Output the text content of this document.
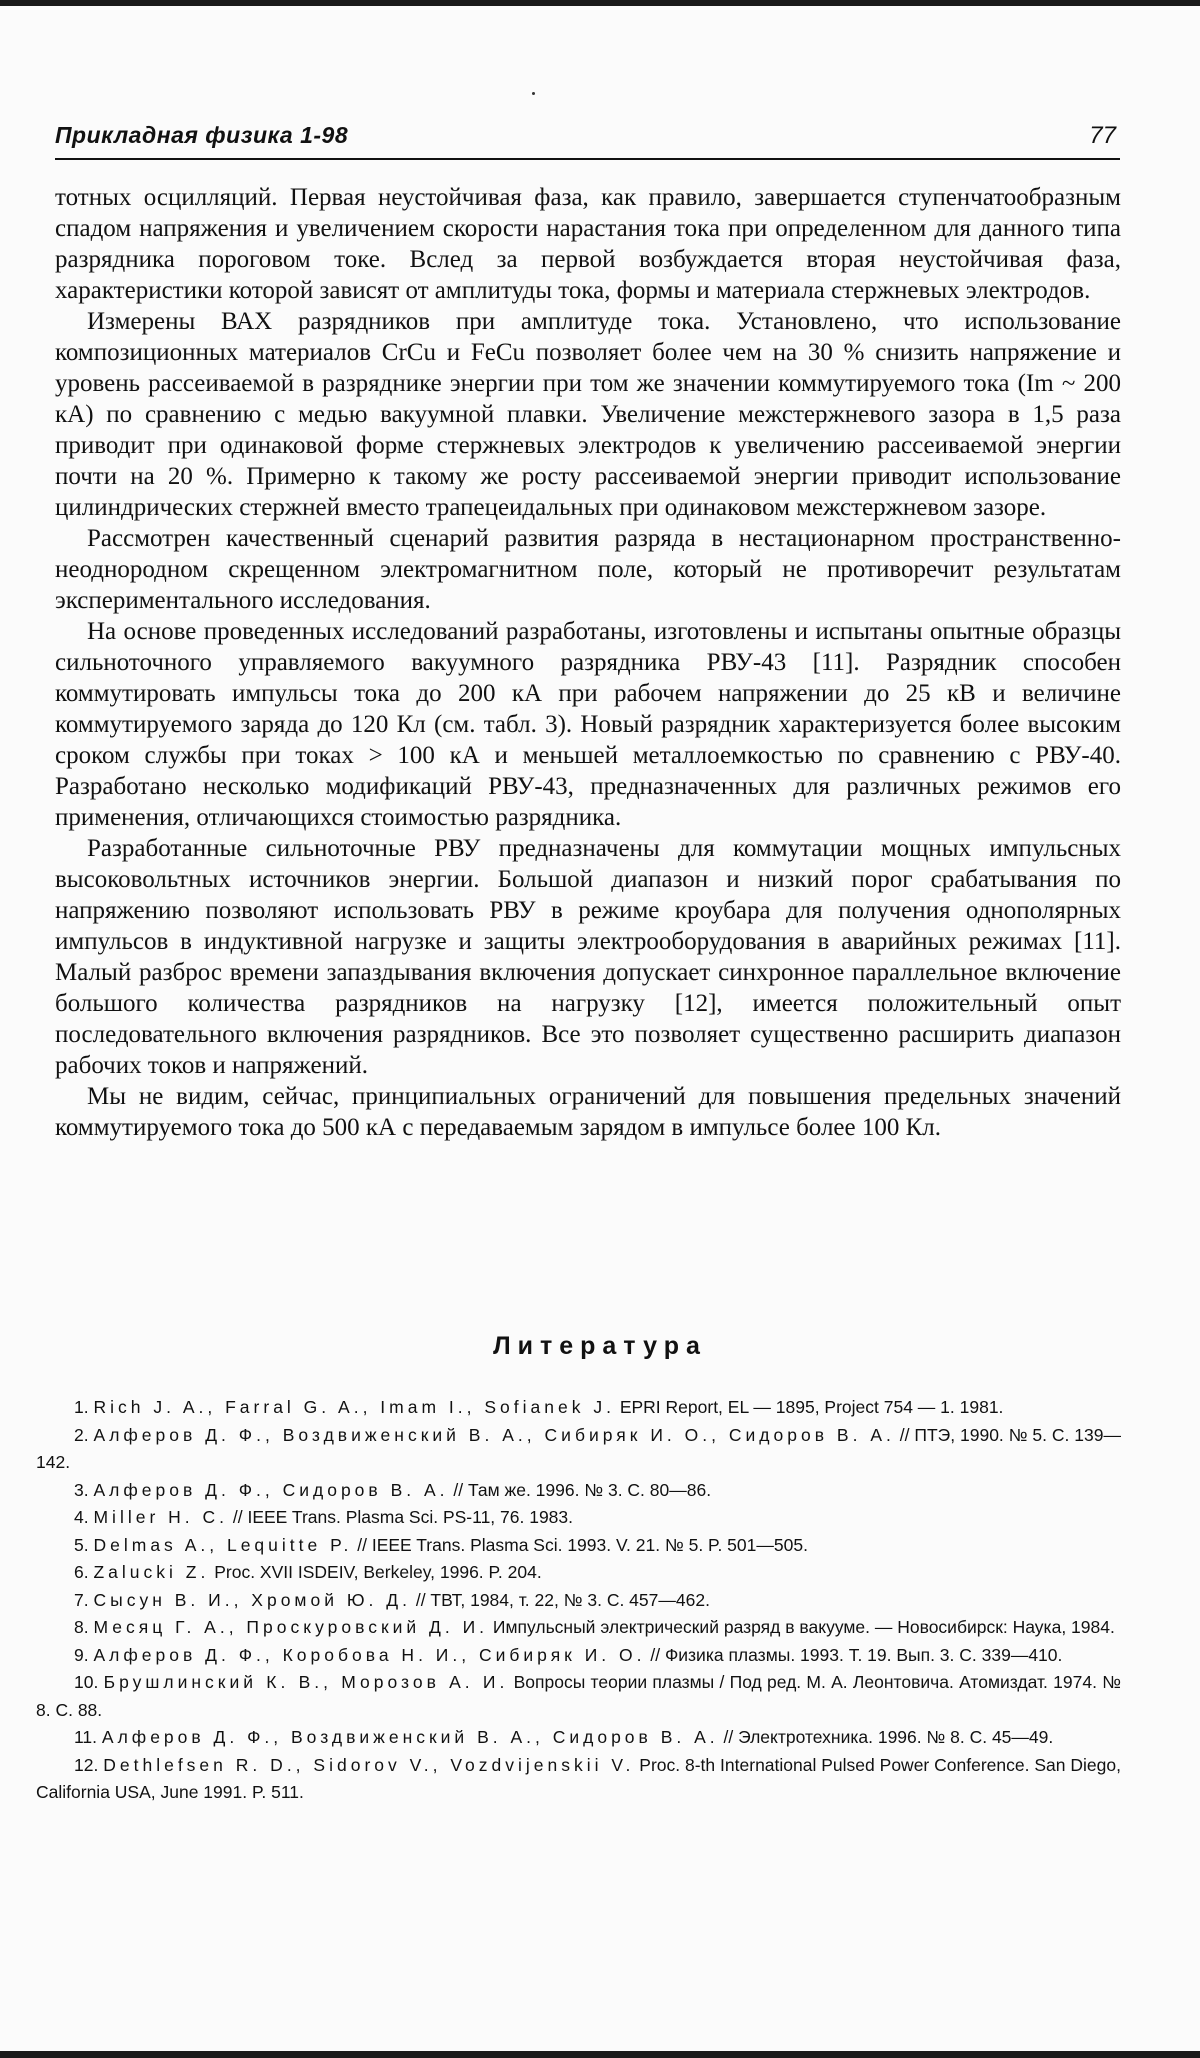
Прикладная физика 1-98	77

тотных осцилляций. Первая неустойчивая фаза, как правило, завершается ступенчатообразным спадом напряжения и увеличением скорости нарастания тока при определенном для данного типа разрядника пороговом токе. Вслед за первой возбуждается вторая неустойчивая фаза, характеристики которой зависят от амплитуды тока, формы и материала стержневых электродов.

Измерены ВАХ разрядников при амплитуде тока. Установлено, что использование композиционных материалов CrCu и FeCu позволяет более чем на 30 % снизить напряжение и уровень рассеиваемой в разряднике энергии при том же значении коммутируемого тока (Im ~ 200 кА) по сравнению с медью вакуумной плавки. Увеличение межстержневого зазора в 1,5 раза приводит при одинаковой форме стержневых электродов к увеличению рассеиваемой энергии почти на 20 %. Примерно к такому же росту рассеиваемой энергии приводит использование цилиндрических стержней вместо трапецеидальных при одинаковом межстержневом зазоре.

Рассмотрен качественный сценарий развития разряда в нестационарном пространственно-неоднородном скрещенном электромагнитном поле, который не противоречит результатам экспериментального исследования.

На основе проведенных исследований разработаны, изготовлены и испытаны опытные образцы сильноточного управляемого вакуумного разрядника РВУ-43 [11]. Разрядник способен коммутировать импульсы тока до 200 кА при рабочем напряжении до 25 кВ и величине коммутируемого заряда до 120 Кл (см. табл. 3). Новый разрядник характеризуется более высоким сроком службы при токах > 100 кА и меньшей металлоемкостью по сравнению с РВУ-40. Разработано несколько модификаций РВУ-43, предназначенных для различных режимов его применения, отличающихся стоимостью разрядника.

Разработанные сильноточные РВУ предназначены для коммутации мощных импульсных высоковольтных источников энергии. Большой диапазон и низкий порог срабатывания по напряжению позволяют использовать РВУ в режиме кроубара для получения однополярных импульсов в индуктивной нагрузке и защиты электрооборудования в аварийных режимах [11]. Малый разброс времени запаздывания включения допускает синхронное параллельное включение большого количества разрядников на нагрузку [12], имеется положительный опыт последовательного включения разрядников. Все это позволяет существенно расширить диапазон рабочих токов и напряжений.

Мы не видим, сейчас, принципиальных ограничений для повышения предельных значений коммутируемого тока до 500 кА с передаваемым зарядом в импульсе более 100 Кл.

Литература
1. Rich J. A., Farral G. A., Imam I., Sofianek J. EPRI Report, EL — 1895, Project 754 — 1. 1981.
2. Алферов Д. Ф., Воздвиженский В. А., Сибиряк И. О., Сидоров В. А. // ПТЭ, 1990. № 5. С. 139—142.
3. Алферов Д. Ф., Сидоров В. А. // Там же. 1996. № 3. С. 80—86.
4. Miller H. C. // IEEE Trans. Plasma Sci. PS-11, 76. 1983.
5. Delmas A., Lequitte P. // IEEE Trans. Plasma Sci. 1993. V. 21. № 5. P. 501—505.
6. Zalucki Z. Proc. XVII ISDEIV, Berkeley, 1996. P. 204.
7. Сысун В. И., Хромой Ю. Д. // ТВТ, 1984, т. 22, № 3. С. 457—462.
8. Месяц Г. А., Проскуровский Д. И. Импульсный электрический разряд в вакууме. — Новосибирск: Наука, 1984.
9. Алферов Д. Ф., Коробова Н. И., Сибиряк И. О. // Физика плазмы. 1993. Т. 19. Вып. 3. С. 339—410.
10. Брушлинский К. В., Морозов А. И. Вопросы теории плазмы / Под ред. М. А. Леонтовича. Атомиздат. 1974. № 8. С. 88.
11. Алферов Д. Ф., Воздвиженский В. А., Сидоров В. А. // Электротехника. 1996. № 8. С. 45—49.
12. Dethlefsen R. D., Sidorov V., Vozdvijenskii V. Proc. 8-th International Pulsed Power Conference. San Diego, California USA, June 1991. P. 511.
